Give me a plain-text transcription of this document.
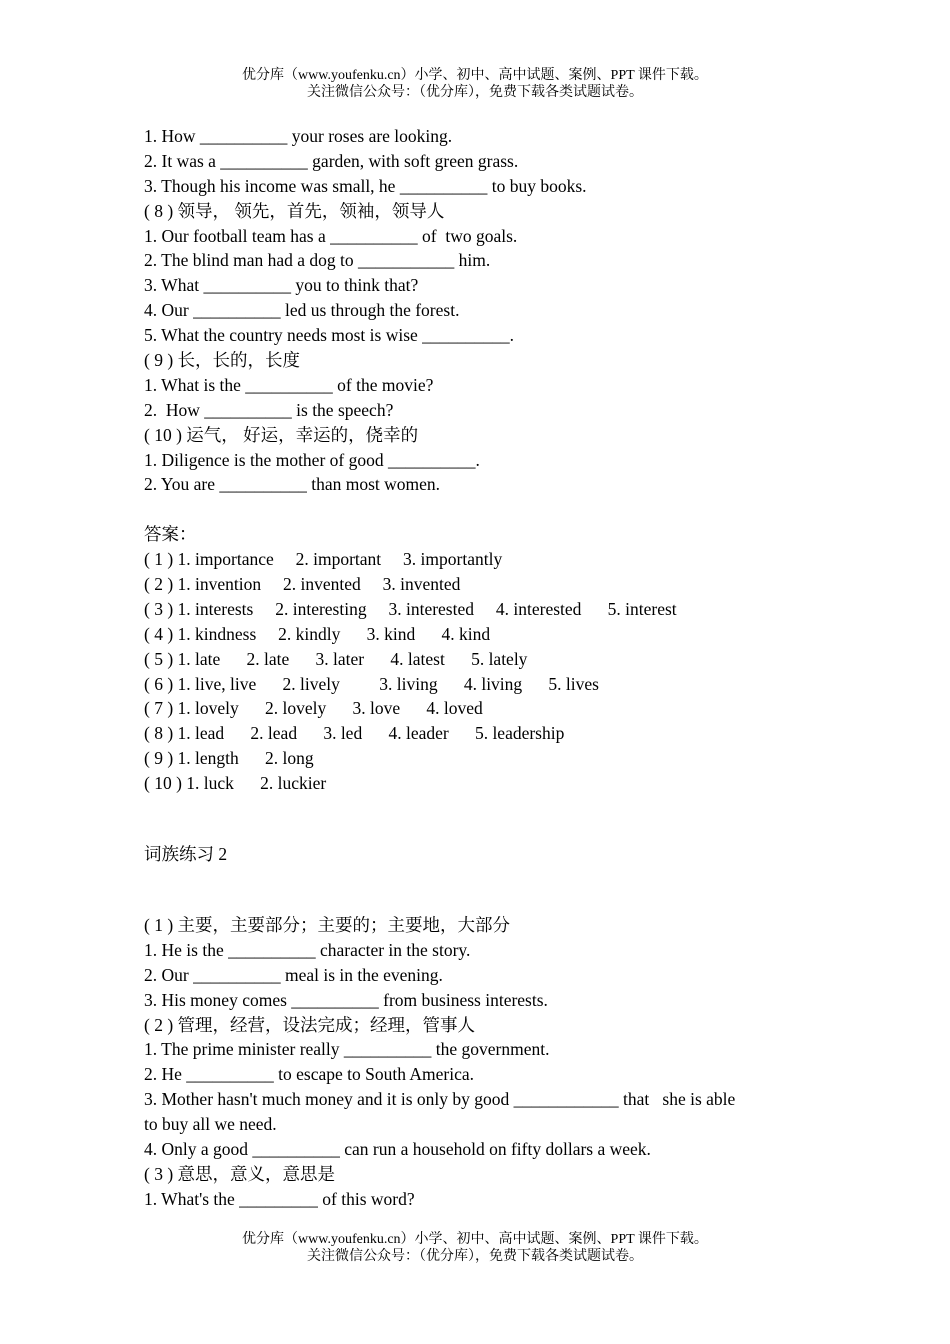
优分库（www.youfenku.cn）小学、初中、高中试题、案例、PPT 课件下载。
关注微信公众号：（优分库），免费下载各类试题试卷。
1. How __________ your roses are looking.
2. It was a __________ garden, with soft green grass.
3. Though his income was small, he __________ to buy books.
( 8 ) 领导， 领先，首先，领袖，领导人
1. Our football team has a __________ of  two goals.
2. The blind man had a dog to ___________ him.
3. What __________ you to think that?
4. Our __________ led us through the forest.
5. What the country needs most is wise __________.
( 9 ) 长，长的，长度
1. What is the __________ of the movie?
2.  How __________ is the speech?
( 10 ) 运气， 好运，幸运的，侥幸的
1. Diligence is the mother of good __________.
2. You are __________ than most women.
答案：
( 1 ) 1. importance     2. important     3. importantly
( 2 ) 1. invention     2. invented     3. invented
( 3 ) 1. interests     2. interesting     3. interested     4. interested      5. interest
( 4 ) 1. kindness     2. kindly      3. kind      4. kind
( 5 ) 1. late      2. late      3. later      4. latest      5. lately
( 6 ) 1. live, live      2. lively         3. living      4. living      5. lives
( 7 ) 1. lovely      2. lovely      3. love      4. loved
( 8 ) 1. lead      2. lead      3. led      4. leader      5. leadership
( 9 ) 1. length      2. long
( 10 ) 1. luck      2. luckier
词族练习 2
( 1 ) 主要，主要部分；主要的；主要地，大部分
1. He is the __________ character in the story.
2. Our __________ meal is in the evening.
3. His money comes __________ from business interests.
( 2 ) 管理，经营，设法完成；经理，管事人
1. The prime minister really __________ the government.
2. He __________ to escape to South America.
3. Mother hasn't much money and it is only by good ____________ that   she is able
to buy all we need.
4. Only a good __________ can run a household on fifty dollars a week.
( 3 ) 意思，意义，意思是
1. What's the _________ of this word?
优分库（www.youfenku.cn）小学、初中、高中试题、案例、PPT 课件下载。
关注微信公众号：（优分库），免费下载各类试题试卷。
